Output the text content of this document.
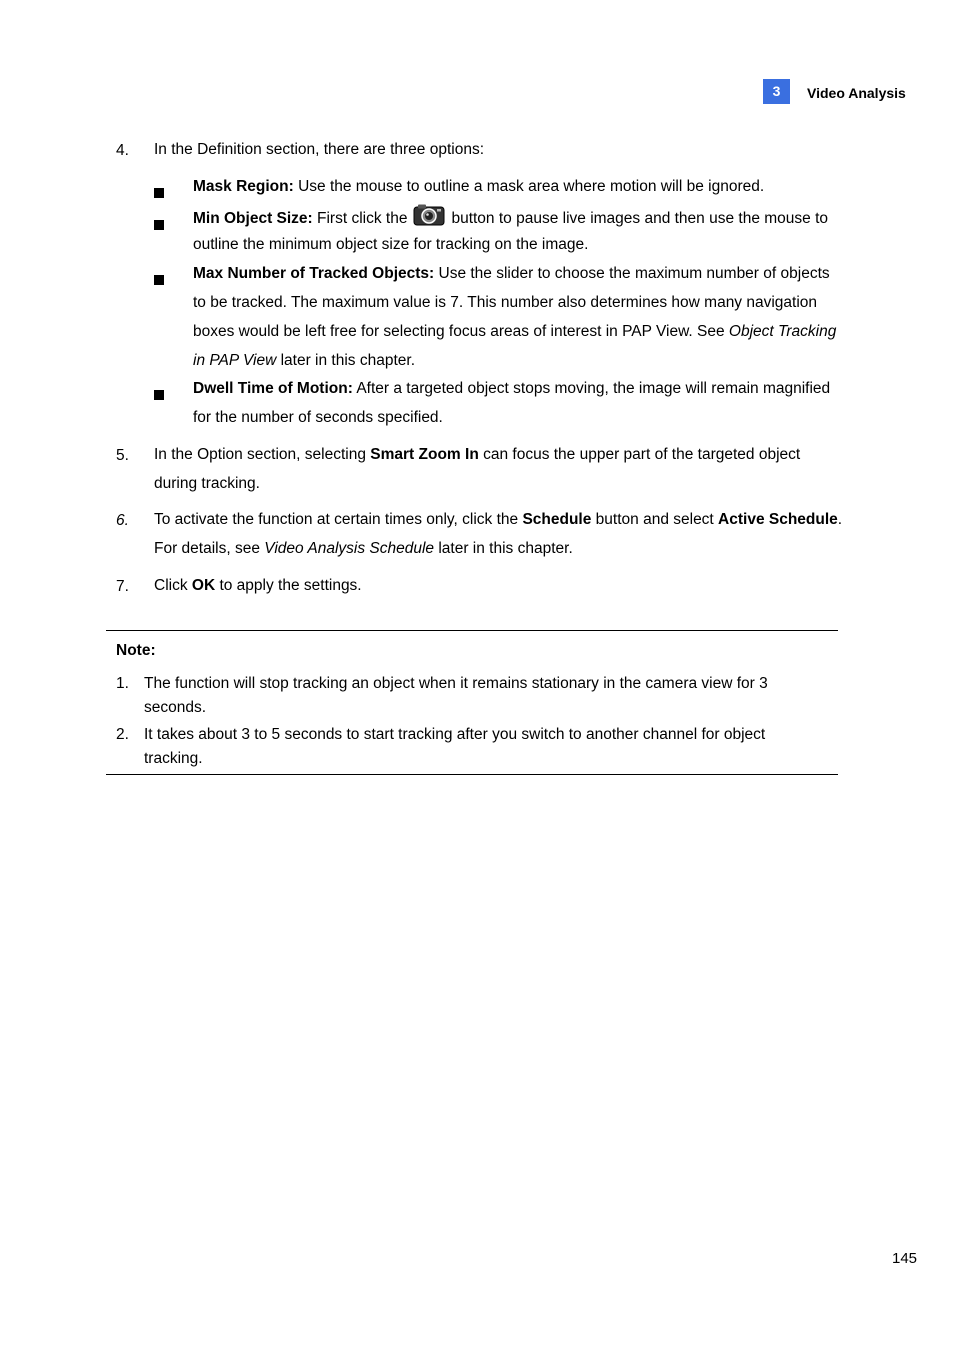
3	Video Analysis
4. In the Definition section, there are three options:
Mask Region: Use the mouse to outline a mask area where motion will be ignored.
Min Object Size: First click the	button to pause live images and then use the mouse to outline the minimum object size for tracking on the image.
Max Number of Tracked Objects: Use the slider to choose the maximum number of objects to be tracked. The maximum value is 7. This number also determines how many navigation boxes would be left free for selecting focus areas of interest in PAP View. See Object Tracking in PAP View later in this chapter.
Dwell Time of Motion: After a targeted object stops moving, the image will remain magnified for the number of seconds specified.
5. In the Option section, selecting Smart Zoom In can focus the upper part of the targeted object during tracking.
6. To activate the function at certain times only, click the Schedule button and select Active Schedule. For details, see Video Analysis Schedule later in this chapter.
7. Click OK to apply the settings.
Note:
1. The function will stop tracking an object when it remains stationary in the camera view for 3 seconds.
2. It takes about 3 to 5 seconds to start tracking after you switch to another channel for object tracking.
145
